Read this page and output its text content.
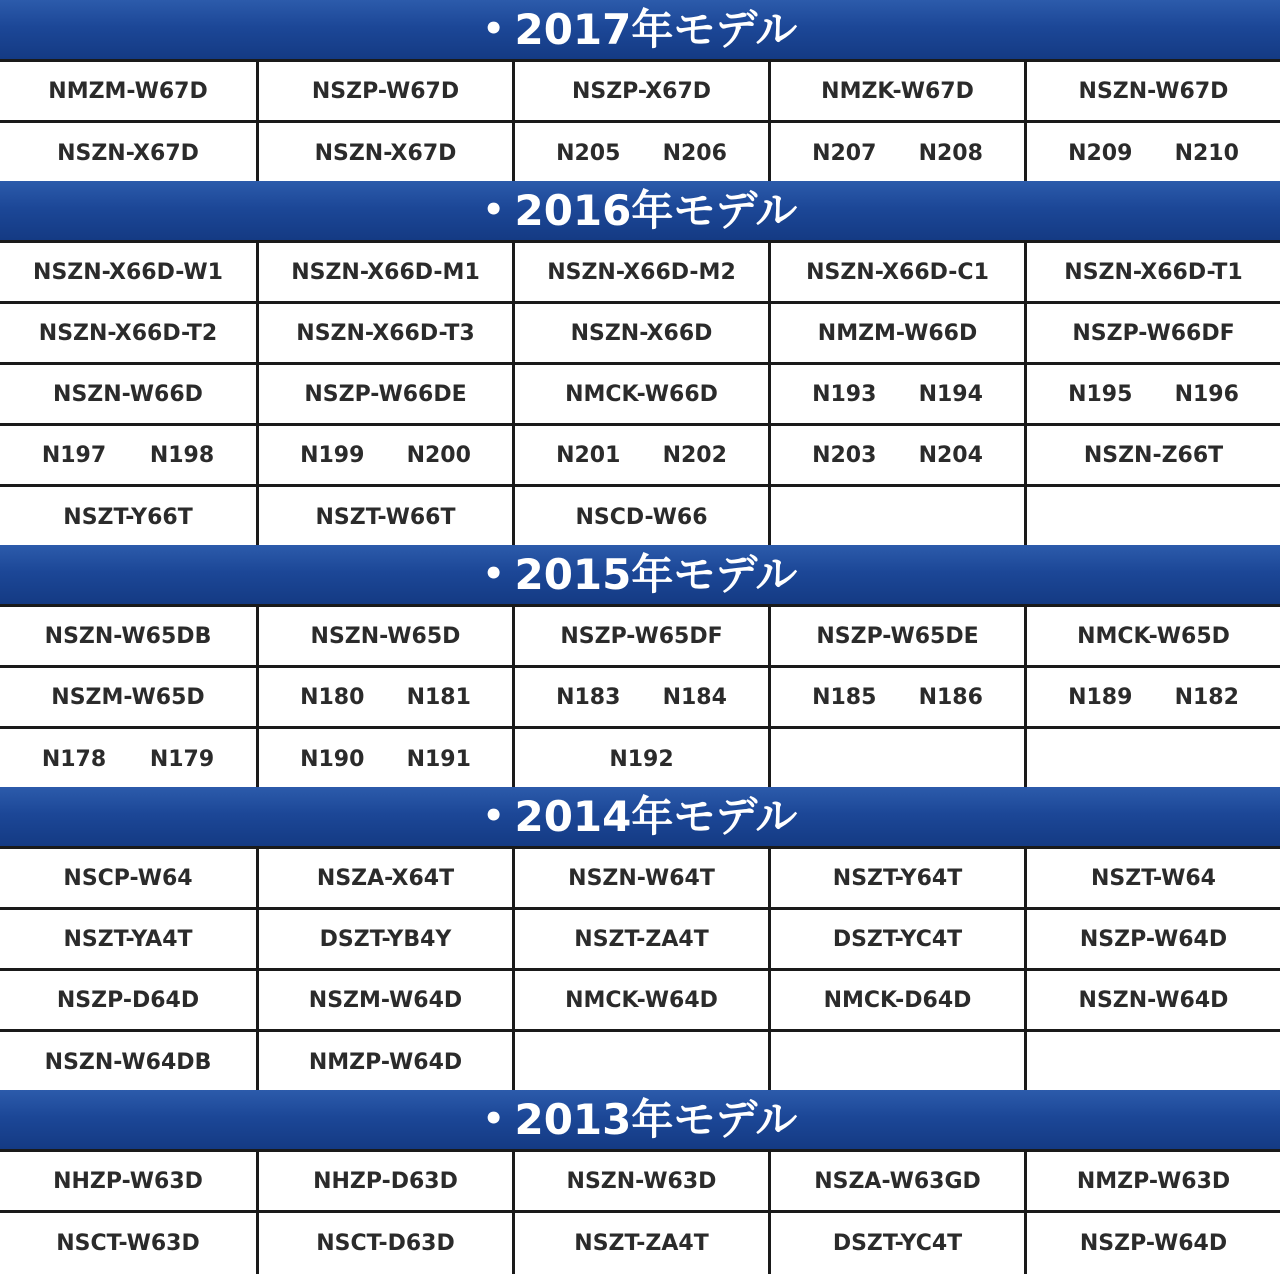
• 2017年モデル
NMZM-W67D	NSZP-W67D	NSZP-X67D	NMZK-W67D	NSZN-W67D
NSZN-X67D	NSZN-X67D	N205 N206	N207 N208	N209 N210
• 2016年モデル
NSZN-X66D-W1	NSZN-X66D-M1	NSZN-X66D-M2	NSZN-X66D-C1	NSZN-X66D-T1
NSZN-X66D-T2	NSZN-X66D-T3	NSZN-X66D	NMZM-W66D	NSZP-W66DF
NSZN-W66D	NSZP-W66DE	NMCK-W66D	N193 N194	N195 N196
N197 N198	N199 N200	N201 N202	N203 N204	NSZN-Z66T
NSZT-Y66T	NSZT-W66T	NSCD-W66
• 2015年モデル
NSZN-W65DB	NSZN-W65D	NSZP-W65DF	NSZP-W65DE	NMCK-W65D
NSZM-W65D	N180 N181	N183 N184	N185 N186	N189 N182
N178 N179	N190 N191	N192
• 2014年モデル
NSCP-W64	NSZA-X64T	NSZN-W64T	NSZT-Y64T	NSZT-W64
NSZT-YA4T	DSZT-YB4Y	NSZT-ZA4T	DSZT-YC4T	NSZP-W64D
NSZP-D64D	NSZM-W64D	NMCK-W64D	NMCK-D64D	NSZN-W64D
NSZN-W64DB	NMZP-W64D
• 2013年モデル
NHZP-W63D	NHZP-D63D	NSZN-W63D	NSZA-W63GD	NMZP-W63D
NSCT-W63D	NSCT-D63D	NSZT-ZA4T	DSZT-YC4T	NSZP-W64D
